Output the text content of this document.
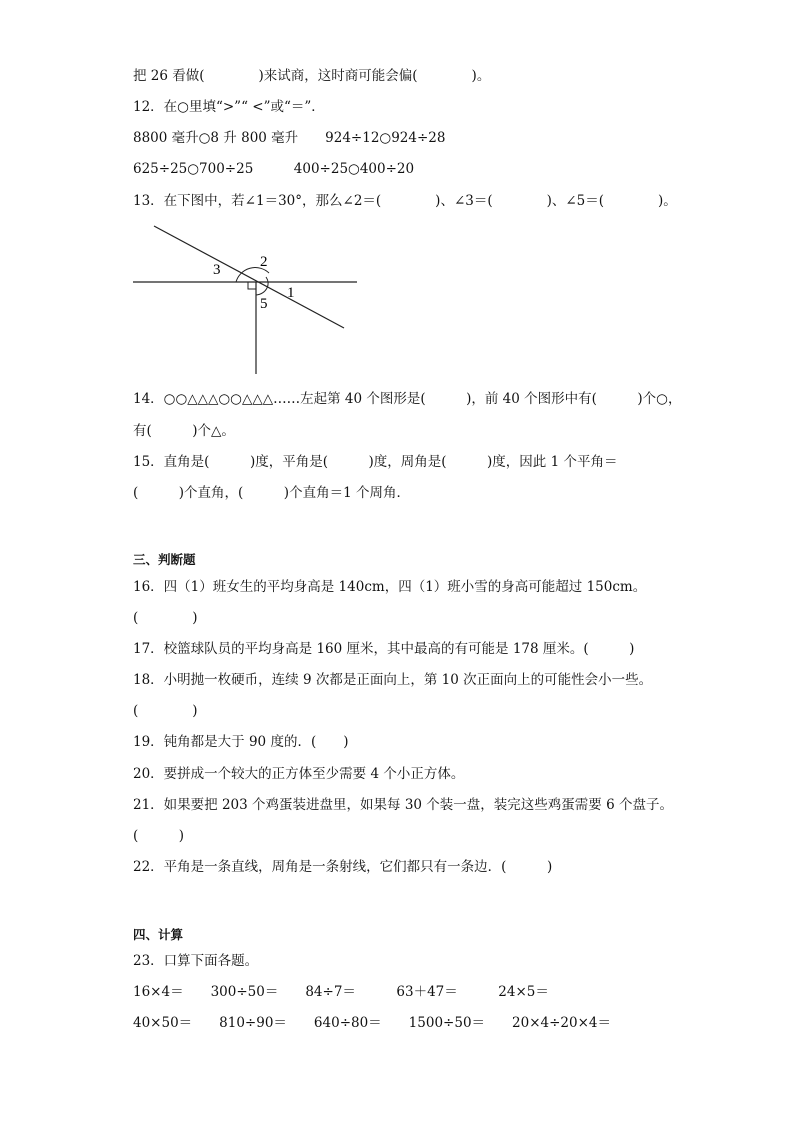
把 26 看做(　　　　)来试商，这时商可能会偏(　　　　)。
12．在○里填“>”“ <”或“＝”．
8800 毫升○8 升 800 毫升　　924÷12○924÷28
625÷25○700÷25　　　400÷25○400÷20
13．在下图中，若∠1＝30°，那么∠2＝(　　　　)、∠3＝(　　　　)、∠5＝(　　　　)。
3	2
1
5
14．○○△△△○○△△△……左起第 40 个图形是(　　　)，前 40 个图形中有(　　　)个○，
有(　　　)个△。
15．直角是(　　　)度，平角是(　　　)度，周角是(　　　)度，因此 1 个平角＝
(　　　)个直角，(　　　)个直角＝1 个周角．
三、判断题
16．四（1）班女生的平均身高是 140cm，四（1）班小雪的身高可能超过 150cm。
(　　　　)
17．校篮球队员的平均身高是 160 厘米，其中最高的有可能是 178 厘米。(　　　)
18．小明抛一枚硬币，连续 9 次都是正面向上，第 10 次正面向上的可能性会小一些。
(　　　　)
19．钝角都是大于 90 度的．(　　)
20．要拼成一个较大的正方体至少需要 4 个小正方体。
21．如果要把 203 个鸡蛋装进盘里，如果每 30 个装一盘，装完这些鸡蛋需要 6 个盘子。
(　　　)
22．平角是一条直线，周角是一条射线，它们都只有一条边．(　　　)
四、计算
23．口算下面各题。
16×4＝　　300÷50＝　　84÷7＝　　　63＋47＝　　　24×5＝
40×50＝　　810÷90＝　　640÷80＝　　1500÷50＝　　20×4÷20×4＝
